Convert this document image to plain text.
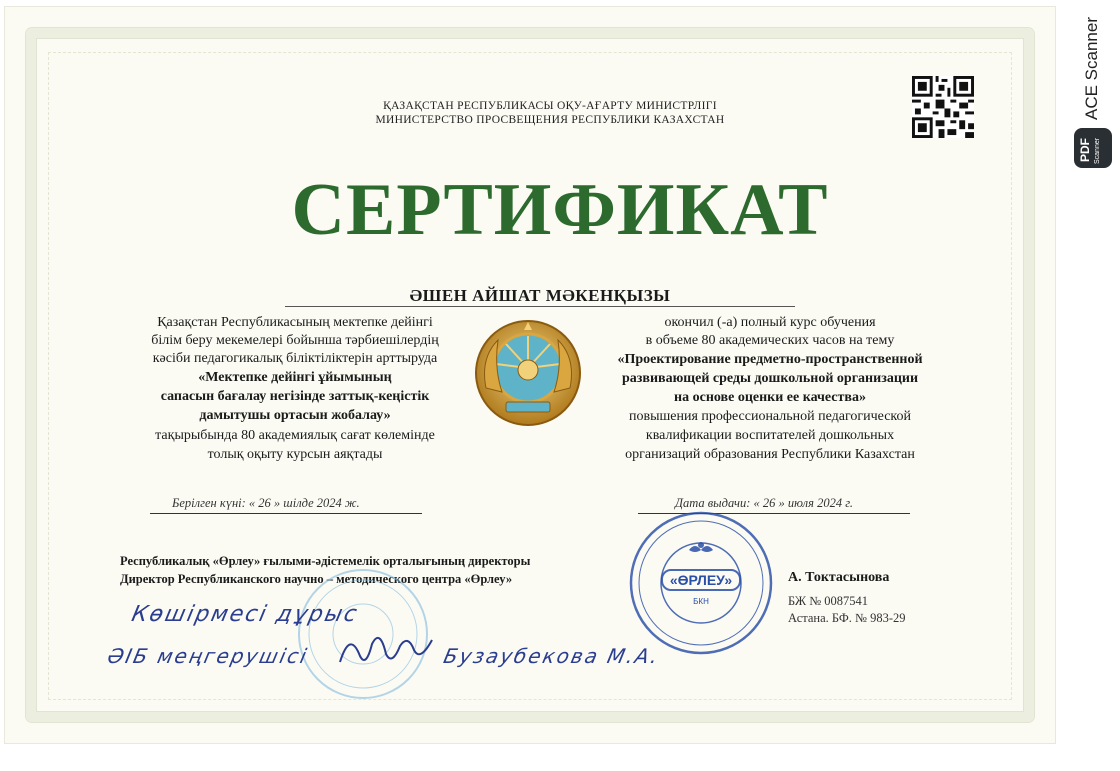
ҚАЗАҚСТАН РЕСПУБЛИКАСЫ ОҚУ-АҒАРТУ МИНИСТРЛІГІ
МИНИСТЕРСТВО ПРОСВЕЩЕНИЯ РЕСПУБЛИКИ КАЗАХСТАН
СЕРТИФИКАТ
ӘШЕН АЙШАТ МӘКЕНҚЫЗЫ
Қазақстан Республикасының мектепке дейінгі
білім беру мекемелері бойынша тәрбиешілердің
кәсіби педагогикалық біліктіліктерін арттыруда
«Мектепке дейінгі ұйымының
сапасын бағалау негізінде заттық-кеңістік
дамытушы ортасын жобалау»
тақырыбында 80 академиялық сағат көлемінде
толық оқыту курсын аяқтады
окончил (-а) полный курс обучения
в объеме 80 академических часов на тему
«Проектирование предметно-пространственной
развивающей среды дошкольной организации
на основе оценки ее качества»
повышения профессиональной педагогической
квалификации воспитателей дошкольных
организаций образования Республики Казахстан
Берілген күні: « 26 » шілде 2024 ж.	Дата выдачи: « 26 » июля 2024 г.
Республикалық «Өрлеу» ғылыми-әдістемелік орталығының директоры
Директор Республиканского научно – методического центра «Өрлеу»	«ӨРЛЕУ»
БКН
А. Токтасынова
БЖ № 0087541
Астана. БФ. № 983-29
Көшірмесі дұрыс
ӘІБ меңгерушісі	Бузаубекова М.А.
ACE Scanner
PDF Scanner
